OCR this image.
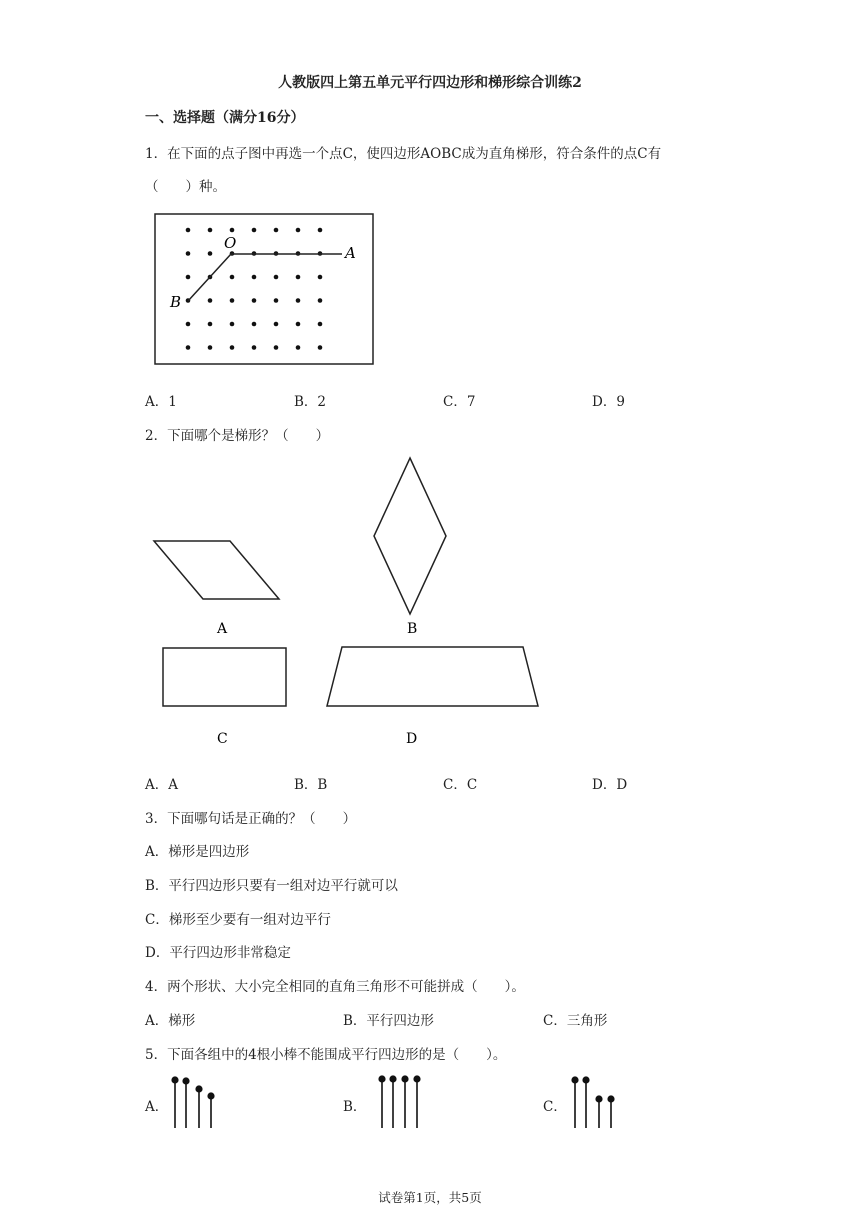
人教版四上第五单元平行四边形和梯形综合训练2
一、选择题（满分16分）
1．在下面的点子图中再选一个点C，使四边形AOBC成为直角梯形，符合条件的点C有
（　　）种。
O
A
B
A．1	B．2	C．7	D．9
2．下面哪个是梯形？（　　）
A	B
C	D
A．A	B．B	C．C	D．D
3．下面哪句话是正确的？（　　）
A．梯形是四边形
B．平行四边形只要有一组对边平行就可以
C．梯形至少要有一组对边平行
D．平行四边形非常稳定
4．两个形状、大小完全相同的直角三角形不可能拼成（　　）。
A．梯形	B．平行四边形	C．三角形
5．下面各组中的4根小棒不能围成平行四边形的是（　　）。
A．	B．	C．
试卷第1页，共5页
